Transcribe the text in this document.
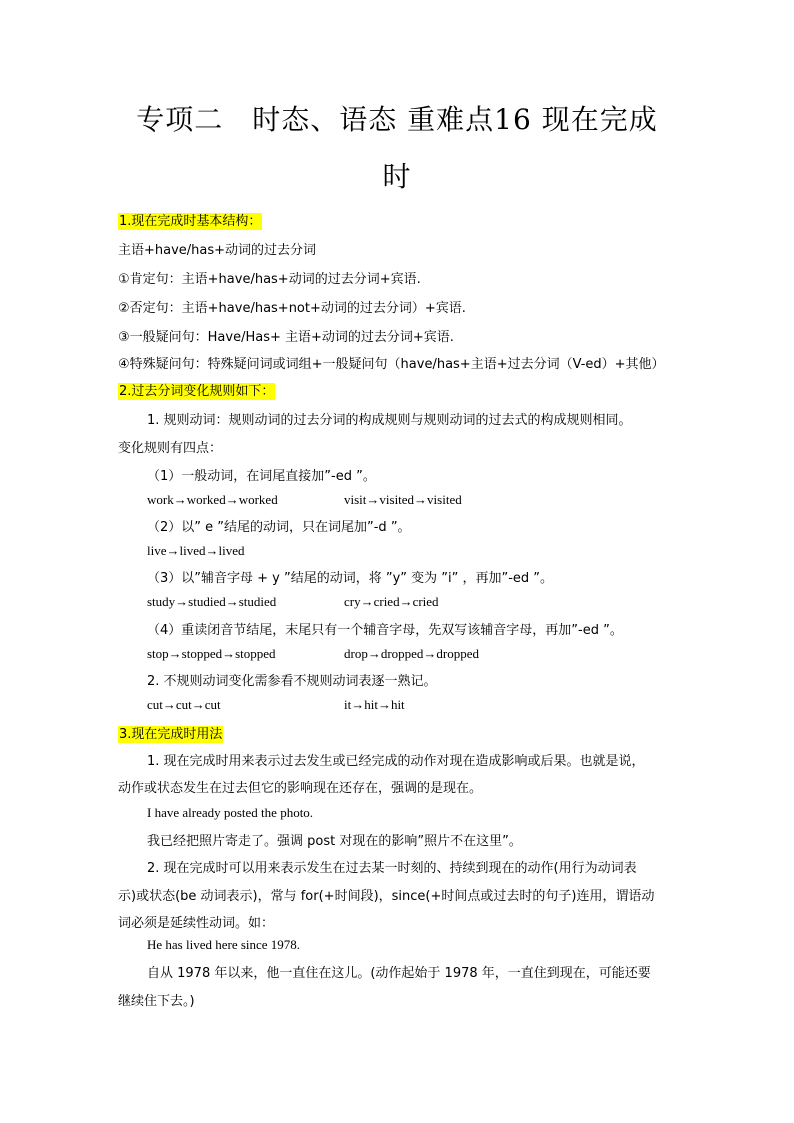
专项二　时态、语态 重难点16 现在完成
时
1.现在完成时基本结构：
主语+have/has+动词的过去分词
①肯定句：主语+have/has+动词的过去分词+宾语.
②否定句：主语+have/has+not+动词的过去分词）+宾语.
③一般疑问句：Have/Has+ 主语+动词的过去分词+宾语.
④特殊疑问句：特殊疑问词或词组+一般疑问句（have/has+主语+过去分词（V-ed）+其他）
2.过去分词变化规则如下：
1. 规则动词：规则动词的过去分词的构成规则与规则动词的过去式的构成规则相同。
变化规则有四点：
（1）一般动词，在词尾直接加”-ed ”。
work→worked→worked	visit→visited→visited
（2）以” e ”结尾的动词，只在词尾加”-d ”。
live→lived→lived
（3）以”辅音字母 + y ”结尾的动词，将 ”y” 变为 ”i” ，再加”-ed ”。
study→studied→studied	cry→cried→cried
（4）重读闭音节结尾，末尾只有一个辅音字母，先双写该辅音字母，再加”-ed ”。
stop→stopped→stopped	drop→dropped→dropped
2. 不规则动词变化需参看不规则动词表逐一熟记。
cut→cut→cut	it→hit→hit
3.现在完成时用法
1. 现在完成时用来表示过去发生或已经完成的动作对现在造成影响或后果。也就是说，
动作或状态发生在过去但它的影响现在还存在，强调的是现在。
I have already posted the photo.
我已经把照片寄走了。强调 post 对现在的影响”照片不在这里”。
2. 现在完成时可以用来表示发生在过去某一时刻的、持续到现在的动作(用行为动词表
示)或状态(be 动词表示)，常与 for(+时间段)，since(+时间点或过去时的句子)连用，谓语动
词必须是延续性动词。如：
He has lived here since 1978.
自从 1978 年以来，他一直住在这儿。(动作起始于 1978 年，一直住到现在，可能还要
继续住下去。)
